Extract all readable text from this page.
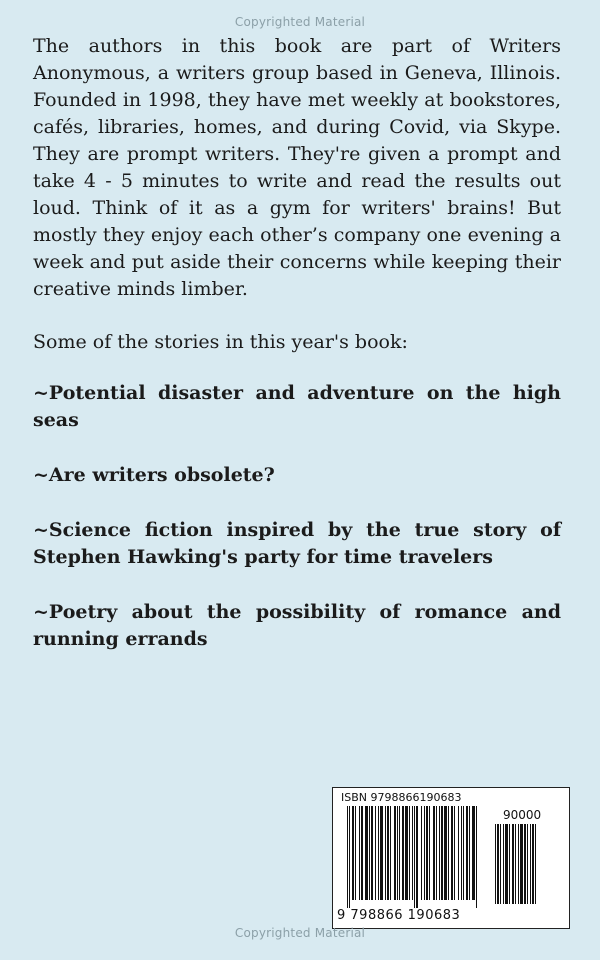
Copyrighted Material

The authors in this book are part of Writers Anonymous, a writers group based in Geneva, Illinois. Founded in 1998, they have met weekly at bookstores, cafés, libraries, homes, and during Covid, via Skype. They are prompt writers. They're given a prompt and take 4 - 5 minutes to write and read the results out loud. Think of it as a gym for writers' brains! But mostly they enjoy each other’s company one evening a week and put aside their concerns while keeping their creative minds limber.

Some of the stories in this year's book:

~Potential disaster and adventure on the high seas

~Are writers obsolete?

~Science fiction inspired by the true story of Stephen Hawking's party for time travelers

~Poetry about the possibility of romance and running errands

ISBN 9798866190683
90000
9 798866 190683
Copyrighted Material
